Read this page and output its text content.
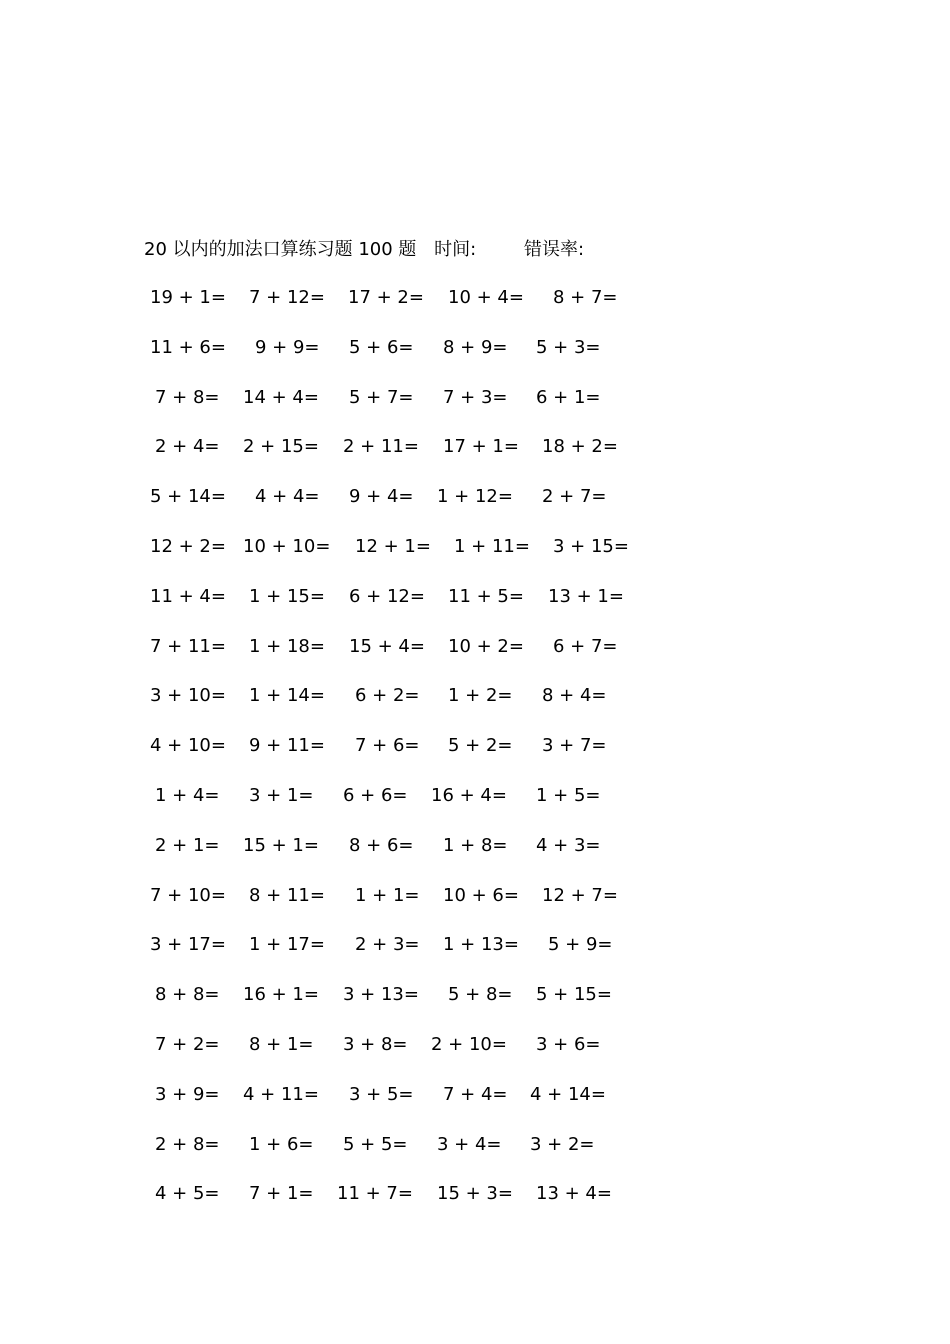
20 以内的加法口算练习题 100 题 时间:	错误率:
19 + 1= 7 + 12= 17 + 2= 10 + 4= 8 + 7=
11 + 6= 9 + 9= 5 + 6= 8 + 9= 5 + 3=
7 + 8= 14 + 4= 5 + 7= 7 + 3= 6 + 1=
2 + 4= 2 + 15= 2 + 11= 17 + 1= 18 + 2=
5 + 14= 4 + 4= 9 + 4= 1 + 12= 2 + 7=
12 + 2= 10 + 10= 12 + 1= 1 + 11= 3 + 15=
11 + 4= 1 + 15= 6 + 12= 11 + 5= 13 + 1=
7 + 11= 1 + 18= 15 + 4= 10 + 2= 6 + 7=
3 + 10= 1 + 14= 6 + 2= 1 + 2= 8 + 4=
4 + 10= 9 + 11= 7 + 6= 5 + 2= 3 + 7=
1 + 4= 3 + 1= 6 + 6= 16 + 4= 1 + 5=
2 + 1= 15 + 1= 8 + 6= 1 + 8= 4 + 3=
7 + 10= 8 + 11= 1 + 1= 10 + 6= 12 + 7=
3 + 17= 1 + 17= 2 + 3= 1 + 13= 5 + 9=
8 + 8= 16 + 1= 3 + 13= 5 + 8= 5 + 15=
7 + 2= 8 + 1= 3 + 8= 2 + 10= 3 + 6=
3 + 9= 4 + 11= 3 + 5= 7 + 4= 4 + 14=
2 + 8= 1 + 6= 5 + 5= 3 + 4= 3 + 2=
4 + 5= 7 + 1= 11 + 7= 15 + 3= 13 + 4=
